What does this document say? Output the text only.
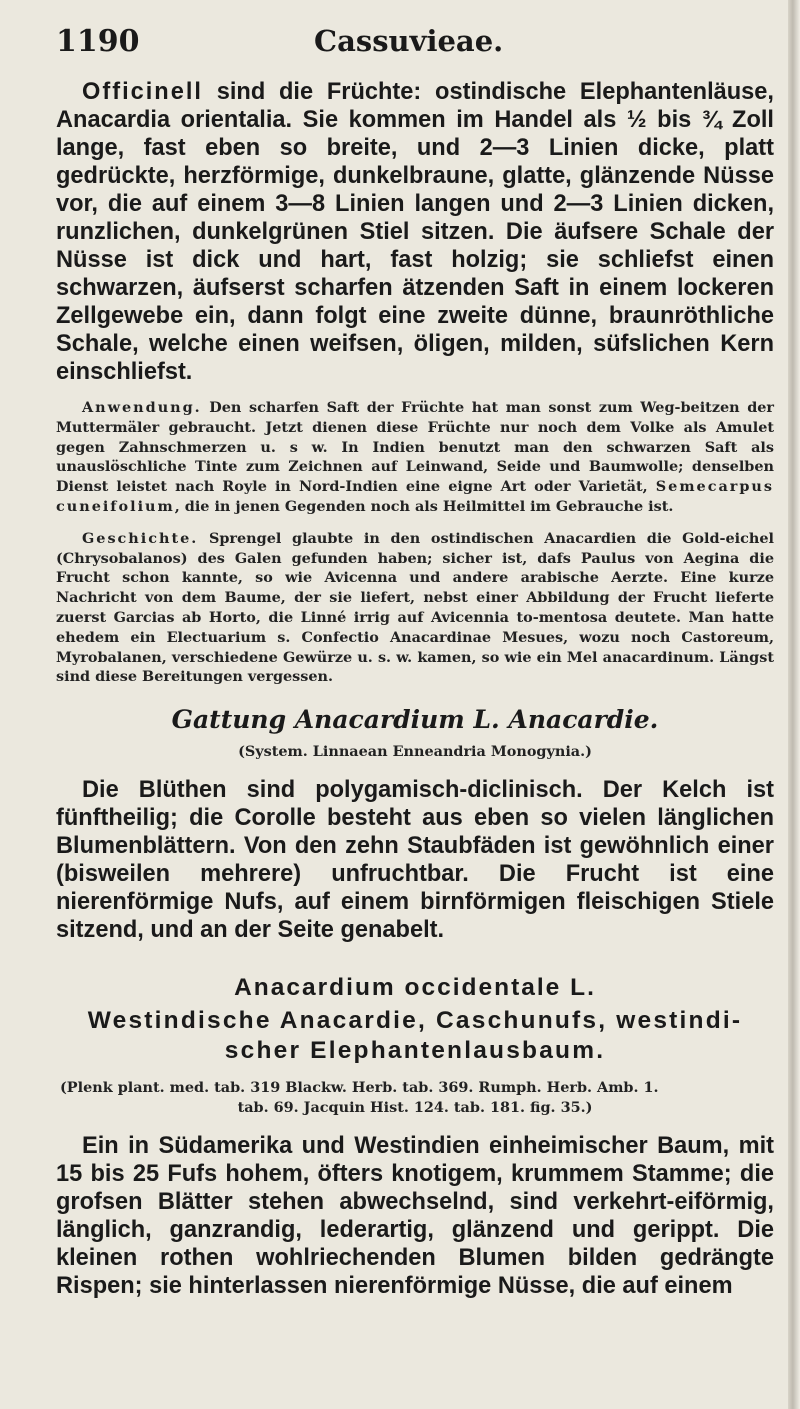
1190	Cassuvieae.

Officinell sind die Früchte: ostindische Elephantenläuse, Anacardia orientalia. Sie kommen im Handel als ½ bis ¾ Zoll lange, fast eben so breite, und 2—3 Linien dicke, platt gedrückte, herzförmige, dunkelbraune, glatte, glänzende Nüsse vor, die auf einem 3—8 Linien langen und 2—3 Linien dicken, runzlichen, dunkelgrünen Stiel sitzen. Die äufsere Schale der Nüsse ist dick und hart, fast holzig; sie schliefst einen schwarzen, äufserst scharfen ätzenden Saft in einem lockeren Zellgewebe ein, dann folgt eine zweite dünne, braunröthliche Schale, welche einen weifsen, öligen, milden, süfslichen Kern einschliefst.

Anwendung. Den scharfen Saft der Früchte hat man sonst zum Weg-beitzen der Muttermäler gebraucht. Jetzt dienen diese Früchte nur noch dem Volke als Amulet gegen Zahnschmerzen u. s w. In Indien benutzt man den schwarzen Saft als unauslöschliche Tinte zum Zeichnen auf Leinwand, Seide und Baumwolle; denselben Dienst leistet nach Royle in Nord-Indien eine eigne Art oder Varietät, Semecarpus cuneifolium, die in jenen Gegenden noch als Heilmittel im Gebrauche ist.

Geschichte. Sprengel glaubte in den ostindischen Anacardien die Gold-eichel (Chrysobalanos) des Galen gefunden haben; sicher ist, dafs Paulus von Aegina die Frucht schon kannte, so wie Avicenna und andere arabische Aerzte. Eine kurze Nachricht von dem Baume, der sie liefert, nebst einer Abbildung der Frucht lieferte zuerst Garcias ab Horto, die Linné irrig auf Avicennia to-mentosa deutete. Man hatte ehedem ein Electuarium s. Confectio Anacardinae Mesues, wozu noch Castoreum, Myrobalanen, verschiedene Gewürze u. s. w. kamen, so wie ein Mel anacardinum. Längst sind diese Bereitungen vergessen.

Gattung Anacardium L. Anacardie.
(System. Linnaean Enneandria Monogynia.)

Die Blüthen sind polygamisch-diclinisch. Der Kelch ist fünftheilig; die Corolle besteht aus eben so vielen länglichen Blumenblättern. Von den zehn Staubfäden ist gewöhnlich einer (bisweilen mehrere) unfruchtbar. Die Frucht ist eine nierenförmige Nufs, auf einem birnförmigen fleischigen Stiele sitzend, und an der Seite genabelt.

Anacardium occidentale L.
Westindische Anacardie, Caschunufs, westindi-
scher Elephantenlausbaum.
(Plenk plant. med. tab. 319 Blackw. Herb. tab. 369. Rumph. Herb. Amb. 1.
tab. 69. Jacquin Hist. 124. tab. 181. fig. 35.)

Ein in Südamerika und Westindien einheimischer Baum, mit 15 bis 25 Fufs hohem, öfters knotigem, krummem Stamme; die grofsen Blätter stehen abwechselnd, sind verkehrt-eiförmig, länglich, ganzrandig, lederartig, glänzend und gerippt. Die kleinen rothen wohlriechenden Blumen bilden gedrängte Rispen; sie hinterlassen nierenförmige Nüsse, die auf einem
